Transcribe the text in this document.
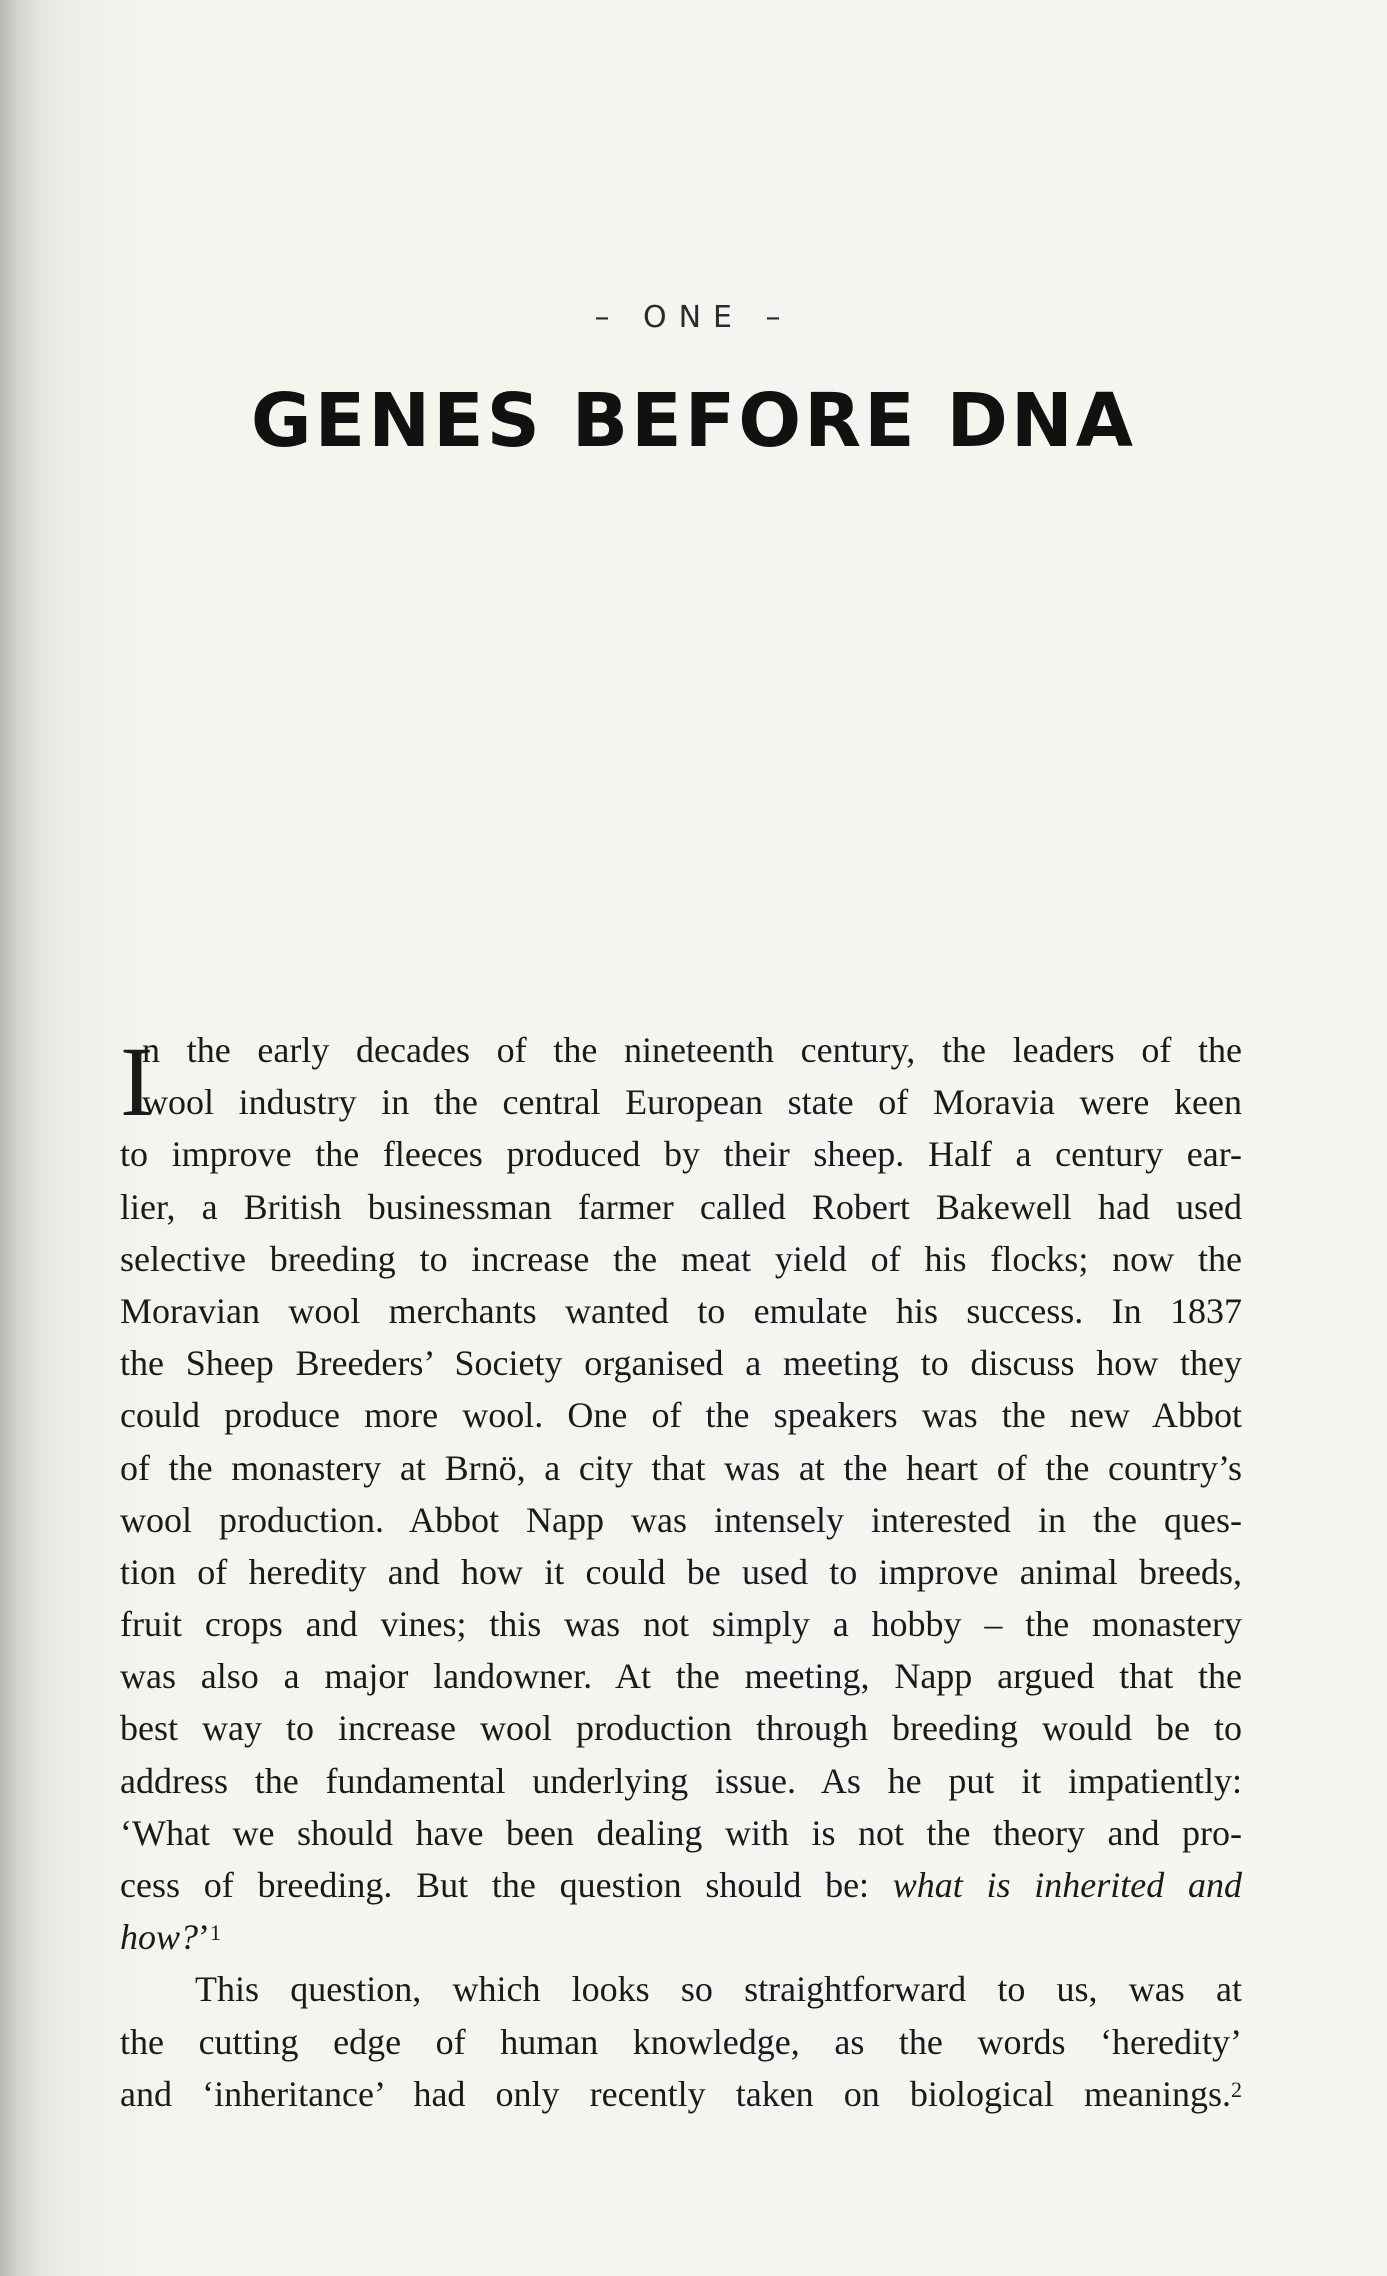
– ONE –
GENES BEFORE DNA
I
n the early decades of the nineteenth century, the leaders of the
wool industry in the central European state of Moravia were keen
to improve the fleeces produced by their sheep. Half a century ear-
lier, a British businessman farmer called Robert Bakewell had used
selective breeding to increase the meat yield of his flocks; now the
Moravian wool merchants wanted to emulate his success. In 1837
the Sheep Breeders’ Society organised a meeting to discuss how they
could produce more wool. One of the speakers was the new Abbot
of the monastery at Brnö, a city that was at the heart of the country’s
wool production. Abbot Napp was intensely interested in the ques-
tion of heredity and how it could be used to improve animal breeds,
fruit crops and vines; this was not simply a hobby – the monastery
was also a major landowner. At the meeting, Napp argued that the
best way to increase wool production through breeding would be to
address the fundamental underlying issue. As he put it impatiently:
‘What we should have been dealing with is not the theory and pro-
cess of breeding. But the question should be: what is inherited and
how?’$^1$
This question, which looks so straightforward to us, was at
the cutting edge of human knowledge, as the words ‘heredity’
and ‘inheritance’ had only recently taken on biological meanings.$^2$
